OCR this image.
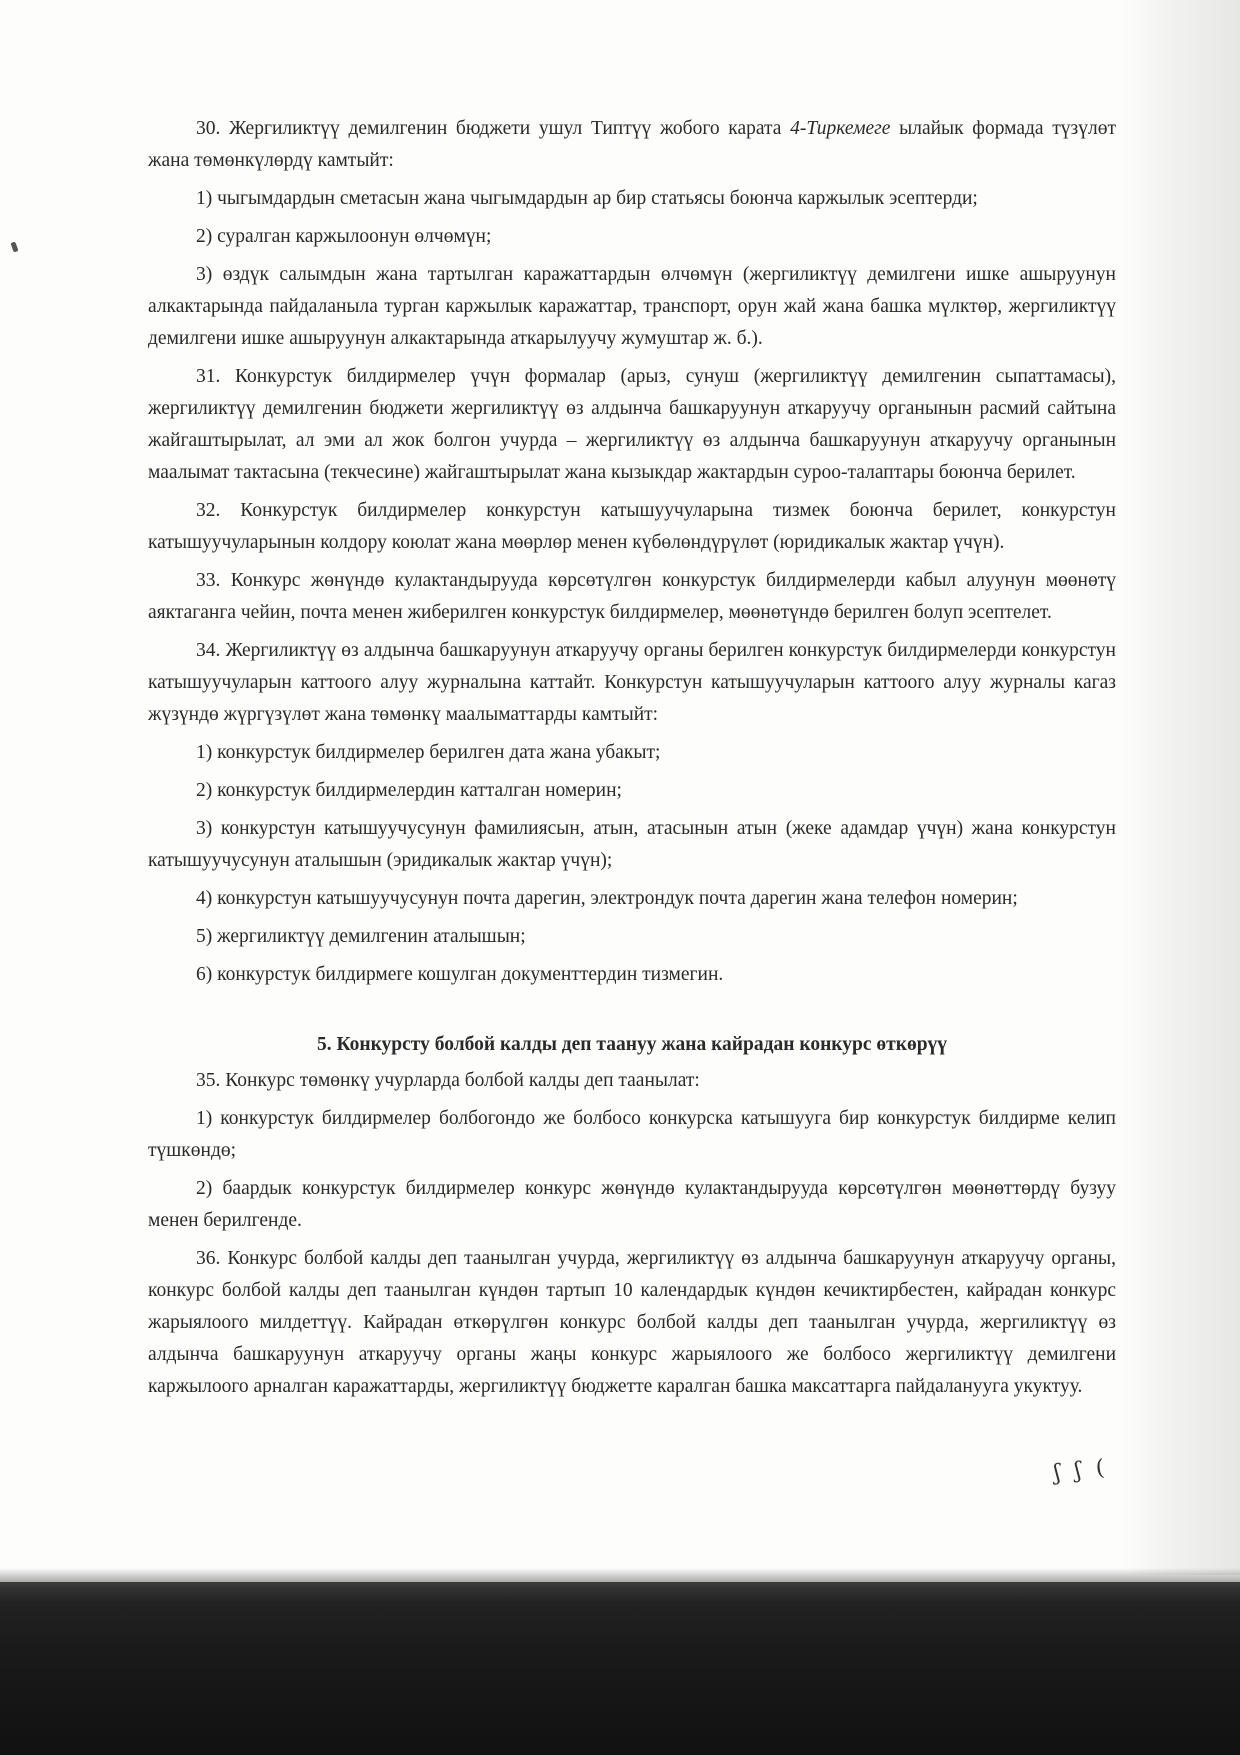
30. Жергиликтүү демилгенин бюджети ушул Типтүү жобого карата 4-Тиркемеге ылайык формада түзүлөт жана төмөнкүлөрдү камтыйт:

1) чыгымдардын сметасын жана чыгымдардын ар бир статьясы боюнча каржылык эсептерди;

2) суралган каржылоонун өлчөмүн;

3) өздүк салымдын жана тартылган каражаттардын өлчөмүн (жергиликтүү демилгени ишке ашыруунун алкактарында пайдаланыла турган каржылык каражаттар, транспорт, орун жай жана башка мүлктөр, жергиликтүү демилгени ишке ашыруунун алкактарында аткарылуучу жумуштар ж. б.).

31. Конкурстук билдирмелер үчүн формалар (арыз, сунуш (жергиликтүү демилгенин сыпаттамасы), жергиликтүү демилгенин бюджети жергиликтүү өз алдынча башкаруунун аткаруучу органынын расмий сайтына жайгаштырылат, ал эми ал жок болгон учурда – жергиликтүү өз алдынча башкаруунун аткаруучу органынын маалымат тактасына (текчесине) жайгаштырылат жана кызыкдар жактардын суроо-талаптары боюнча берилет.

32. Конкурстук билдирмелер конкурстун катышуучуларына тизмек боюнча берилет, конкурстун катышуучуларынын колдору коюлат жана мөөрлөр менен күбөлөндүрүлөт (юридикалык жактар үчүн).

33. Конкурс жөнүндө кулактандырууда көрсөтүлгөн конкурстук билдирмелерди кабыл алуунун мөөнөтү аяктаганга чейин, почта менен жиберилген конкурстук билдирмелер, мөөнөтүндө берилген болуп эсептелет.

34. Жергиликтүү өз алдынча башкаруунун аткаруучу органы берилген конкурстук билдирмелерди конкурстун катышуучуларын каттоого алуу журналына каттайт. Конкурстун катышуучуларын каттоого алуу журналы кагаз жүзүндө жүргүзүлөт жана төмөнкү маалыматтарды камтыйт:

1) конкурстук билдирмелер берилген дата жана убакыт;

2) конкурстук билдирмелердин катталган номерин;

3) конкурстун катышуучусунун фамилиясын, атын, атасынын атын (жеке адамдар үчүн) жана конкурстун катышуучусунун аталышын (эридикалык жактар үчүн);

4) конкурстун катышуучусунун почта дарегин, электрондук почта дарегин жана телефон номерин;

5) жергиликтүү демилгенин аталышын;

6) конкурстук билдирмеге кошулган документтердин тизмегин.

5. Конкурсту болбой калды деп таануу жана кайрадан конкурс өткөрүү

35. Конкурс төмөнкү учурларда болбой калды деп таанылат:

1) конкурстук билдирмелер болбогондо же болбосо конкурска катышууга бир конкурстук билдирме келип түшкөндө;

2) баардык конкурстук билдирмелер конкурс жөнүндө кулактандырууда көрсөтүлгөн мөөнөттөрдү бузуу менен берилгенде.

36. Конкурс болбой калды деп таанылган учурда, жергиликтүү өз алдынча башкаруунун аткаруучу органы, конкурс болбой калды деп таанылган күндөн тартып 10 календардык күндөн кечиктирбестен, кайрадан конкурс жарыялоого милдеттүү. Кайрадан өткөрүлгөн конкурс болбой калды деп таанылган учурда, жергиликтүү өз алдынча башкаруунун аткаруучу органы жаңы конкурс жарыялоого же болбосо жергиликтүү демилгени каржылоого арналган каражаттарды, жергиликтүү бюджетте каралган башка максаттарга пайдаланууга укуктуу.

ʃ ʃ (
